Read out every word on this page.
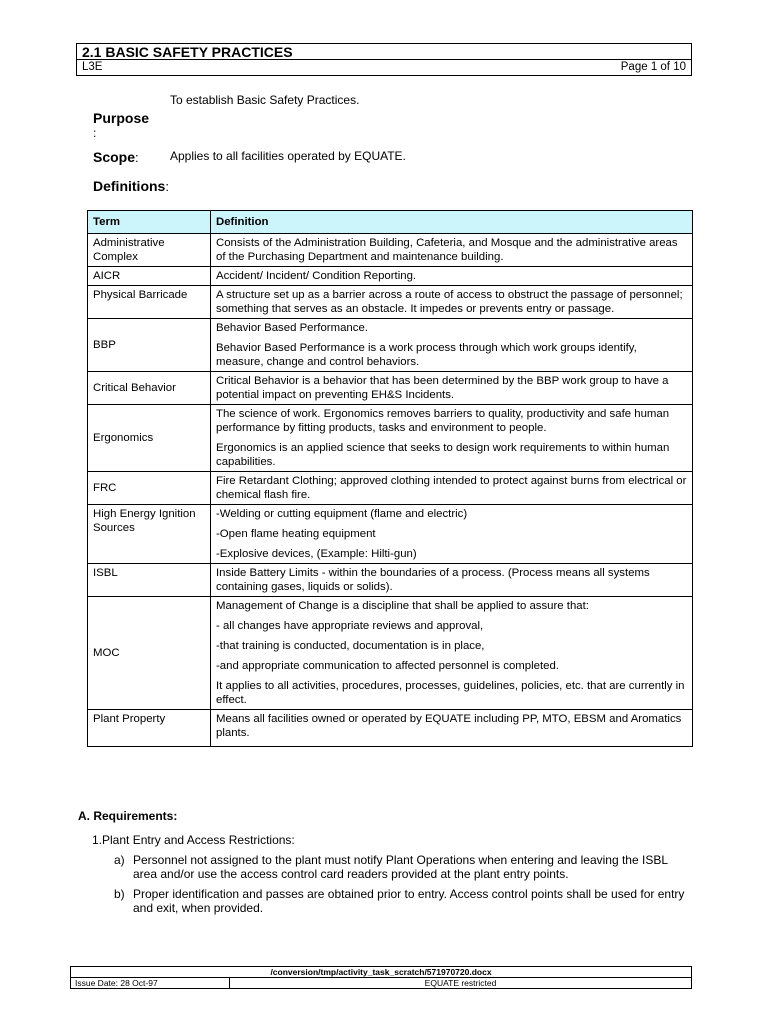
2.1 BASIC SAFETY PRACTICES
L3E	Page 1 of 10
To establish Basic Safety Practices.
Purpose
:
Scope:	Applies to all facilities operated by EQUATE.
Definitions:
Term	Definition
Administrative Complex	Consists of the Administration Building, Cafeteria, and Mosque and the administrative areas of the Purchasing Department and maintenance building.

AICR	Accident/ Incident/ Condition Reporting.

Physical Barricade	A structure set up as a barrier across a route of access to obstruct the passage of personnel; something that serves as an obstacle. It impedes or prevents entry or passage.

BBP	Behavior Based Performance.

Behavior Based Performance is a work process through which work groups identify, measure, change and control behaviors.

Critical Behavior	Critical Behavior is a behavior that has been determined by the BBP work group to have a potential impact on preventing EH&S Incidents.

Ergonomics	The science of work. Ergonomics removes barriers to quality, productivity and safe human performance by fitting products, tasks and environment to people.

Ergonomics is an applied science that seeks to design work requirements to within human capabilities.

FRC	Fire Retardant Clothing; approved clothing intended to protect against burns from electrical or chemical flash fire.

High Energy Ignition Sources	-Welding or cutting equipment (flame and electric)

-Open flame heating equipment

-Explosive devices, (Example: Hilti-gun)

ISBL	Inside Battery Limits - within the boundaries of a process. (Process means all systems containing gases, liquids or solids).

MOC	Management of Change is a discipline that shall be applied to assure that:

- all changes have appropriate reviews and approval,

-that training is conducted, documentation is in place,

-and appropriate communication to affected personnel is completed.

It applies to all activities, procedures, processes, guidelines, policies, etc. that are currently in effect.

Plant Property	Means all facilities owned or operated by EQUATE including PP, MTO, EBSM and Aromatics plants.

A. Requirements:
1.Plant Entry and Access Restrictions:
a) Personnel not assigned to the plant must notify Plant Operations when entering and leaving the ISBL area and/or use the access control card readers provided at the plant entry points.
b) Proper identification and passes are obtained prior to entry. Access control points shall be used for entry and exit, when provided.
/conversion/tmp/activity_task_scratch/571970720.docx
Issue Date: 28 Oct-97	EQUATE restricted
